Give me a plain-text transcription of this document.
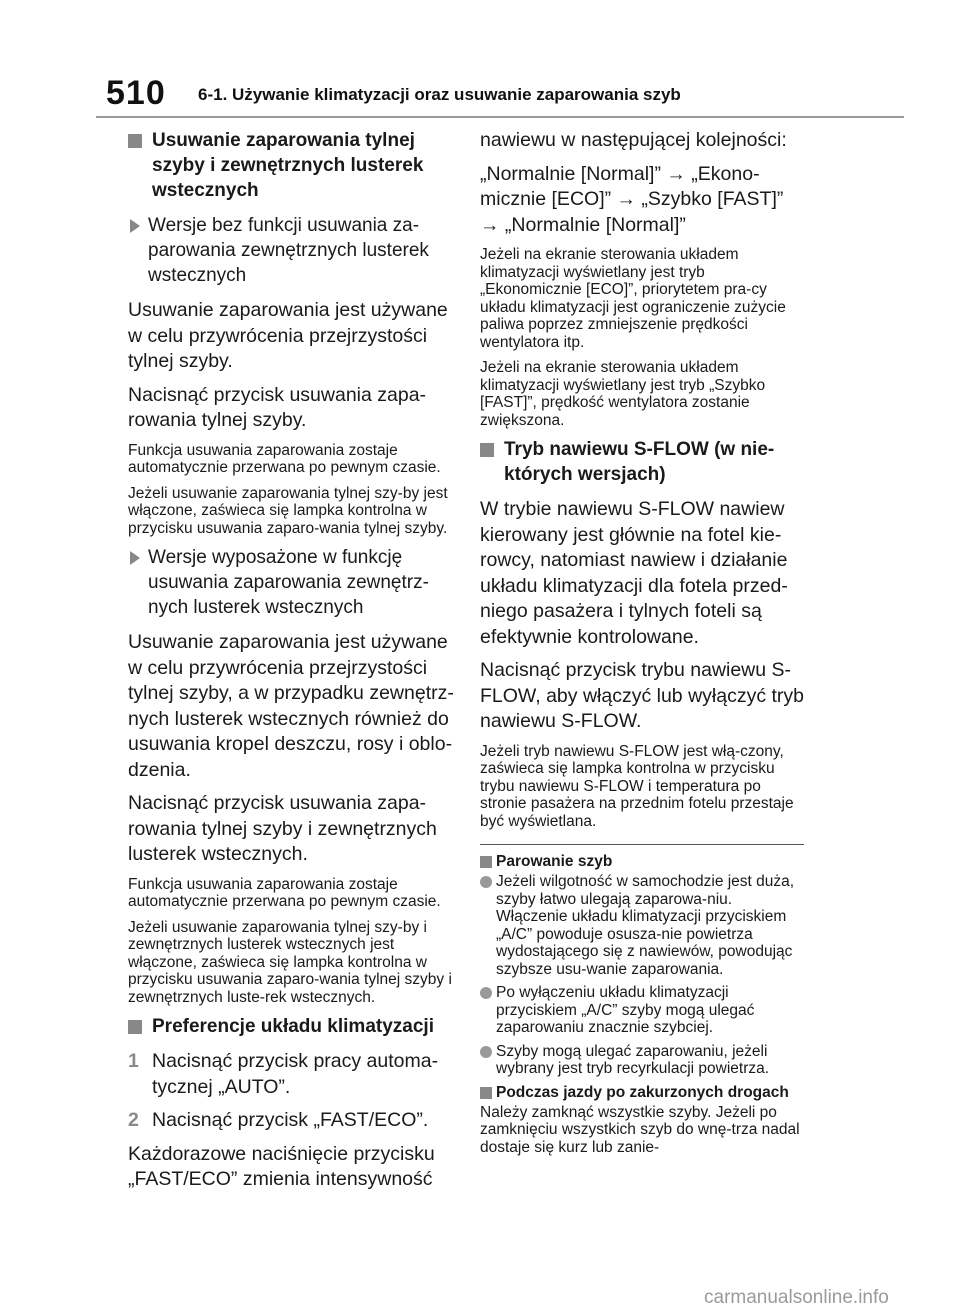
510 6-1. Używanie klimatyzacji oraz usuwanie zaparowania szyb
Usuwanie zaparowania tylnej szyby i zewnętrznych lusterek wstecznych
Wersje bez funkcji usuwania za-parowania zewnętrznych lusterek wstecznych

Usuwanie zaparowania jest używane w celu przywrócenia przejrzystości tylnej szyby.

Nacisnąć przycisk usuwania zapa-rowania tylnej szyby.

Funkcja usuwania zaparowania zostaje automatycznie przerwana po pewnym czasie.

Jeżeli usuwanie zaparowania tylnej szy-by jest włączone, zaświeca się lampka kontrolna w przycisku usuwania zaparo-wania tylnej szyby.

Wersje wyposażone w funkcję usuwania zaparowania zewnętrz-nych lusterek wstecznych

Usuwanie zaparowania jest używane w celu przywrócenia przejrzystości tylnej szyby, a w przypadku zewnętrz-nych lusterek wstecznych również do usuwania kropel deszczu, rosy i oblo-dzenia.

Nacisnąć przycisk usuwania zapa-rowania tylnej szyby i zewnętrznych lusterek wstecznych.

Funkcja usuwania zaparowania zostaje automatycznie przerwana po pewnym czasie.

Jeżeli usuwanie zaparowania tylnej szy-by i zewnętrznych lusterek wstecznych jest włączone, zaświeca się lampka kontrolna w przycisku usuwania zaparo-wania tylnej szyby i zewnętrznych luste-rek wstecznych.

Preferencje układu klimatyzacji
1 Nacisnąć przycisk pracy automa-tycznej „AUTO”.
2 Nacisnąć przycisk „FAST/ECO”.

Każdorazowe naciśnięcie przycisku „FAST/ECO” zmienia intensywność

nawiewu w następującej kolejności:

„Normalnie [Normal]” → „Ekono-micznie [ECO]” → „Szybko [FAST]” → „Normalnie [Normal]”

Jeżeli na ekranie sterowania układem klimatyzacji wyświetlany jest tryb „Ekonomicznie [ECO]”, priorytetem pra-cy układu klimatyzacji jest ograniczenie zużycie paliwa poprzez zmniejszenie prędkości wentylatora itp.

Jeżeli na ekranie sterowania układem klimatyzacji wyświetlany jest tryb „Szybko [FAST]”, prędkość wentylatora zostanie zwiększona.

Tryb nawiewu S-FLOW (w nie-których wersjach)

W trybie nawiewu S-FLOW nawiew kierowany jest głównie na fotel kie-rowcy, natomiast nawiew i działanie układu klimatyzacji dla fotela przed-niego pasażera i tylnych foteli są efektywnie kontrolowane.

Nacisnąć przycisk trybu nawiewu S-FLOW, aby włączyć lub wyłączyć tryb nawiewu S-FLOW.

Jeżeli tryb nawiewu S-FLOW jest włą-czony, zaświeca się lampka kontrolna w przycisku trybu nawiewu S-FLOW i temperatura po stronie pasażera na przednim fotelu przestaje być wyświetlana.

Parowanie szyb
Jeżeli wilgotność w samochodzie jest duża, szyby łatwo ulegają zaparowa-niu. Włączenie układu klimatyzacji przyciskiem „A/C” powoduje osusza-nie powietrza wydostającego się z nawiewów, powodując szybsze usu-wanie zaparowania.
Po wyłączeniu układu klimatyzacji przyciskiem „A/C” szyby mogą ulegać zaparowaniu znacznie szybciej.
Szyby mogą ulegać zaparowaniu, jeżeli wybrany jest tryb recyrkulacji powietrza.
Podczas jazdy po zakurzonych drogach

Należy zamknąć wszystkie szyby. Jeżeli po zamknięciu wszystkich szyb do wnę-trza nadal dostaje się kurz lub zanie-

carmanualsonline.info
